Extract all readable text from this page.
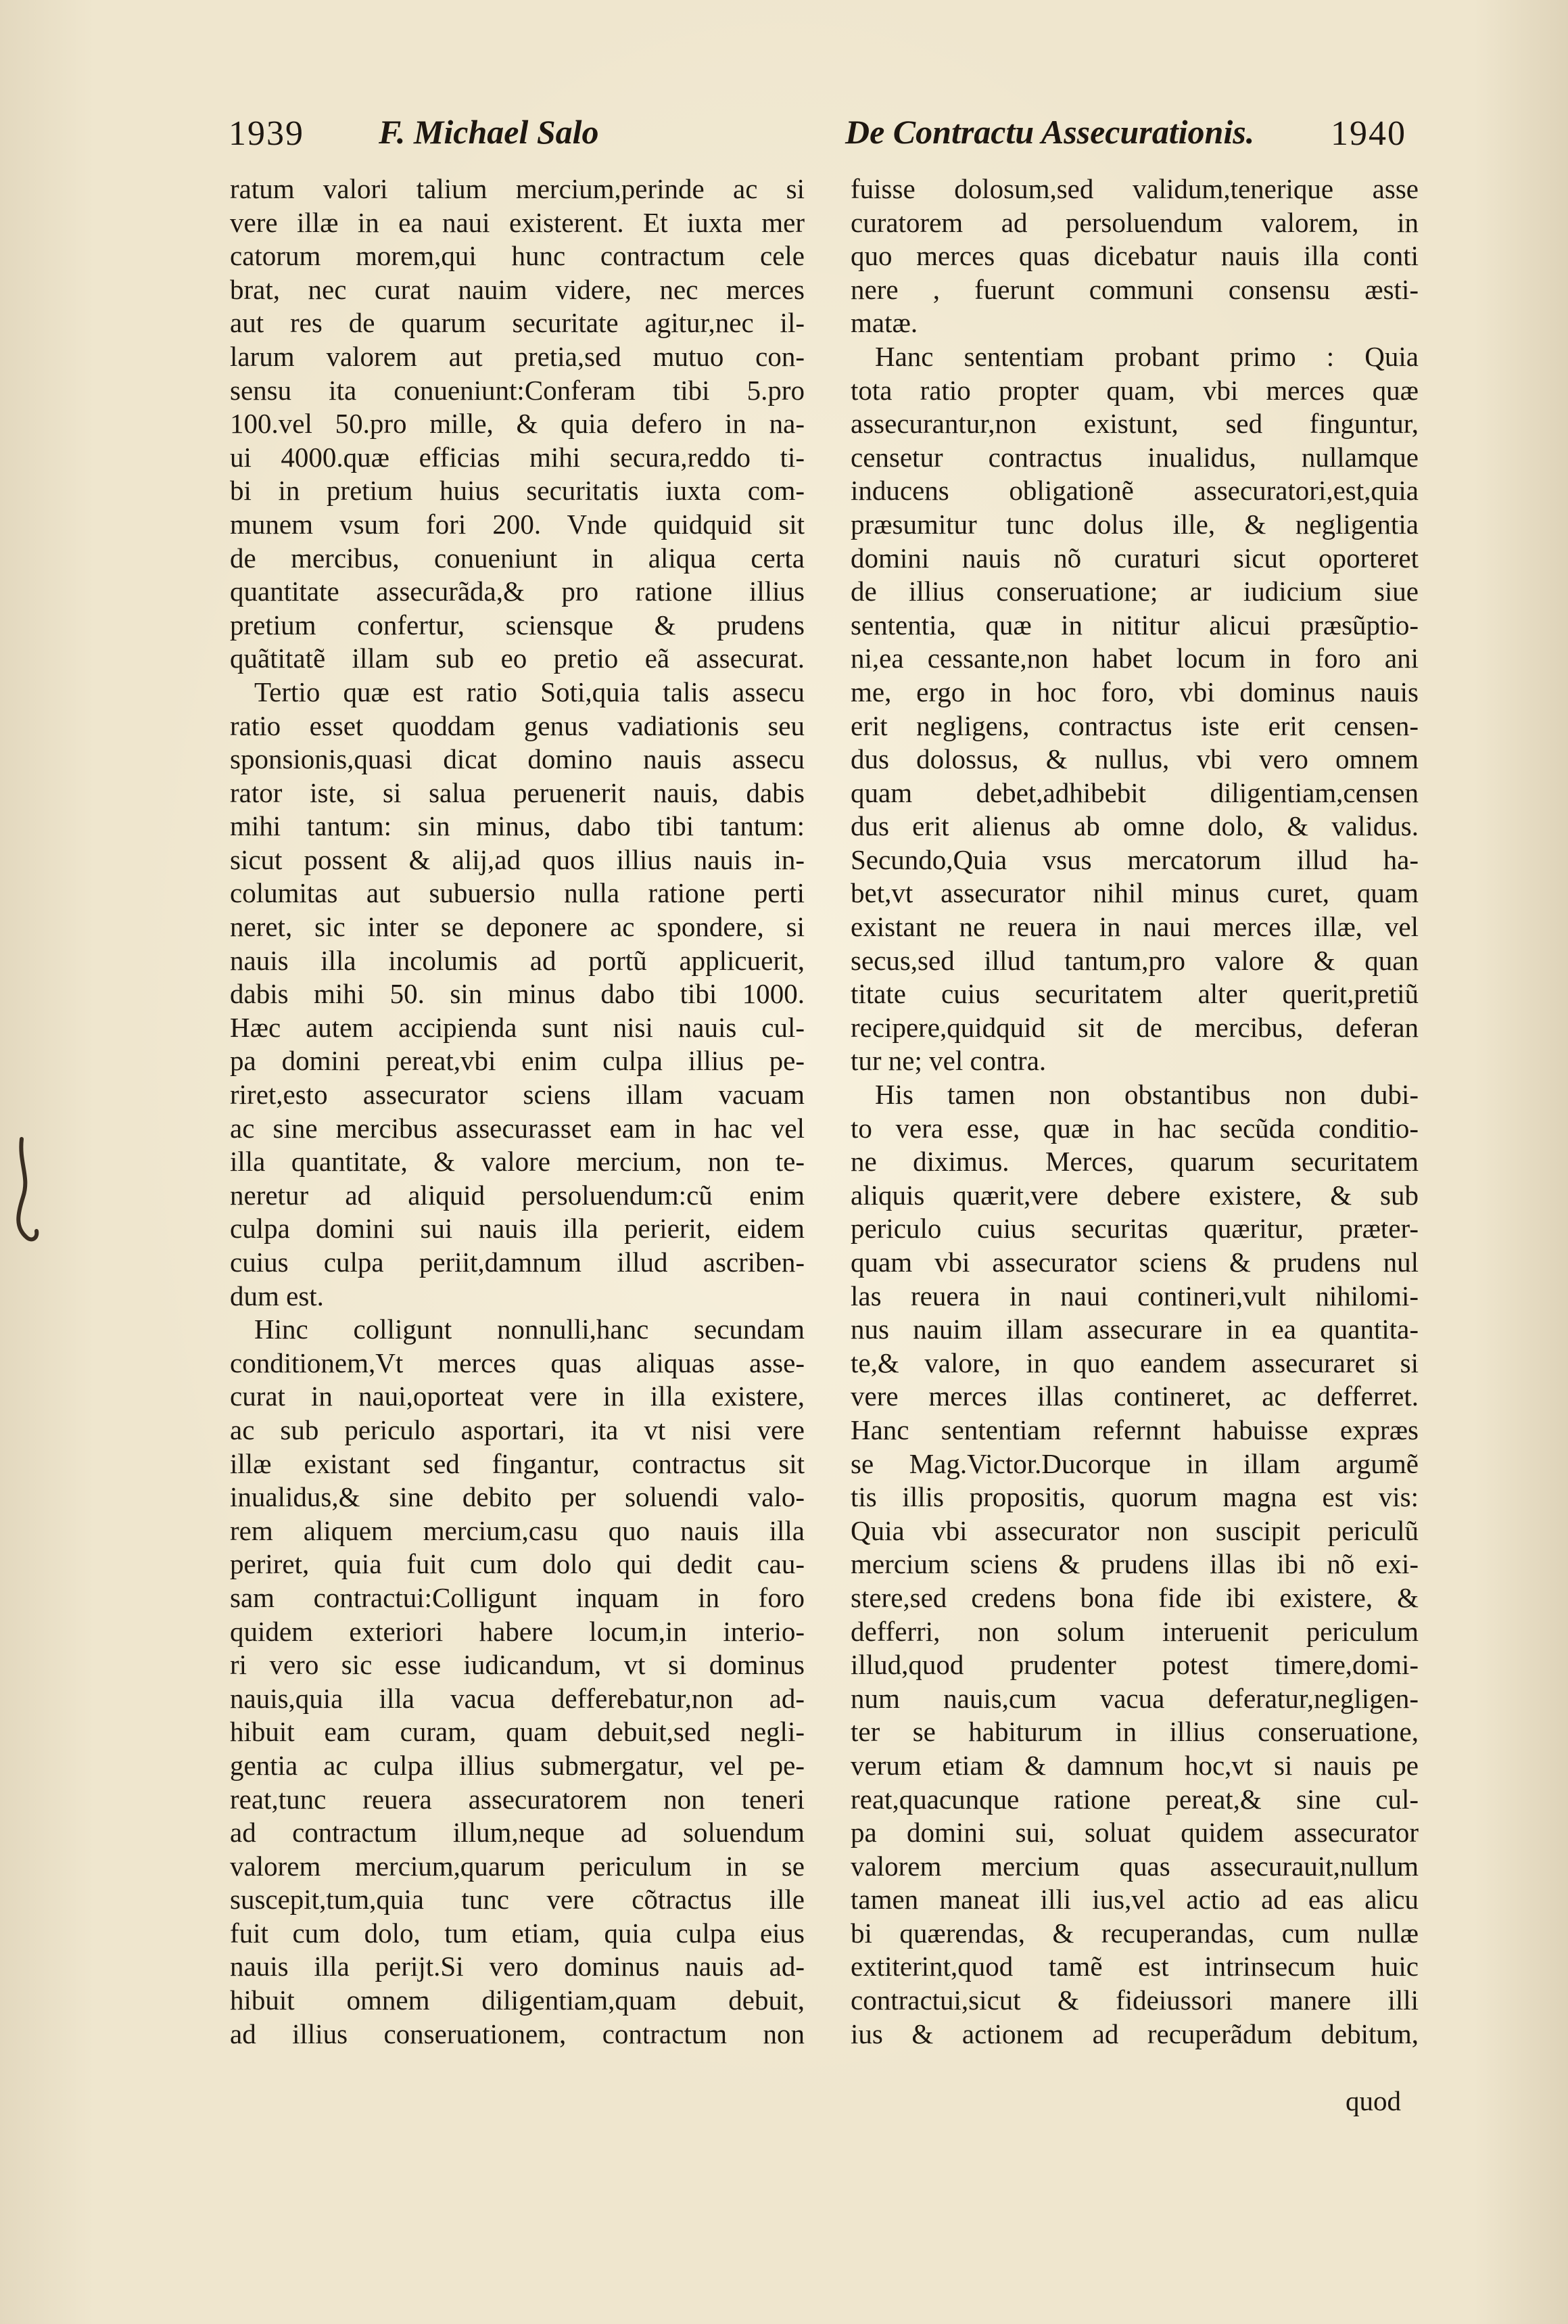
1939 F. Michael Salo	De Contractu Assecurationis. 1940
ratum valori talium mercium,perinde ac si
vere illæ in ea naui existerent. Et iuxta mer
catorum morem,qui hunc contractum cele
brat, nec curat nauim videre, nec merces
aut res de quarum securitate agitur,nec il-
larum valorem aut pretia,sed mutuo con-
sensu ita conueniunt:Conferam tibi 5.pro
100.vel 50.pro mille, & quia defero in na-
ui 4000.quæ efficias mihi secura,reddo ti-
bi in pretium huius securitatis iuxta com-
munem vsum fori 200. Vnde quidquid sit
de mercibus, conueniunt in aliqua certa
quantitate assecurãda,& pro ratione illius
pretium confertur, sciensque & prudens
quãtitatẽ illam sub eo pretio eã assecurat.
Tertio quæ est ratio Soti,quia talis assecu
ratio esset quoddam genus vadiationis seu
sponsionis,quasi dicat domino nauis assecu
rator iste, si salua peruenerit nauis, dabis
mihi tantum: sin minus, dabo tibi tantum:
sicut possent & alij,ad quos illius nauis in-
columitas aut subuersio nulla ratione perti
neret, sic inter se deponere ac spondere, si
nauis illa incolumis ad portũ applicuerit,
dabis mihi 50. sin minus dabo tibi 1000.
Hæc autem accipienda sunt nisi nauis cul-
pa domini pereat,vbi enim culpa illius pe-
riret,esto assecurator sciens illam vacuam
ac sine mercibus assecurasset eam in hac vel
illa quantitate, & valore mercium, non te-
neretur ad aliquid persoluendum:cũ enim
culpa domini sui nauis illa perierit, eidem
cuius culpa periit,damnum illud ascriben-
dum est.
Hinc colligunt nonnulli,hanc secundam
conditionem,Vt merces quas aliquas asse-
curat in naui,oporteat vere in illa existere,
ac sub periculo asportari, ita vt nisi vere
illæ existant sed fingantur, contractus sit
inualidus,& sine debito per soluendi valo-
rem aliquem mercium,casu quo nauis illa
periret, quia fuit cum dolo qui dedit cau-
sam contractui:Colligunt inquam in foro
quidem exteriori habere locum,in interio-
ri vero sic esse iudicandum, vt si dominus
nauis,quia illa vacua defferebatur,non ad-
hibuit eam curam, quam debuit,sed negli-
gentia ac culpa illius submergatur, vel pe-
reat,tunc reuera assecuratorem non teneri
ad contractum illum,neque ad soluendum
valorem mercium,quarum periculum in se
suscepit,tum,quia tunc vere cõtractus ille
fuit cum dolo, tum etiam, quia culpa eius
nauis illa perijt.Si vero dominus nauis ad-
hibuit omnem diligentiam,quam debuit,
ad illius conseruationem, contractum non
fuisse dolosum,sed validum,tenerique asse
curatorem ad persoluendum valorem, in
quo merces quas dicebatur nauis illa conti
nere , fuerunt communi consensu æsti-
matæ.
Hanc sententiam probant primo : Quia
tota ratio propter quam, vbi merces quæ
assecurantur,non existunt, sed finguntur,
censetur contractus inualidus, nullamque
inducens obligationẽ assecuratori,est,quia
præsumitur tunc dolus ille, & negligentia
domini nauis nõ curaturi sicut oporteret
de illius conseruatione; ar iudicium siue
sententia, quæ in nititur alicui præsũptio-
ni,ea cessante,non habet locum in foro ani
me, ergo in hoc foro, vbi dominus nauis
erit negligens, contractus iste erit censen-
dus dolossus, & nullus, vbi vero omnem
quam debet,adhibebit diligentiam,censen
dus erit alienus ab omne dolo, & validus.
Secundo,Quia vsus mercatorum illud ha-
bet,vt assecurator nihil minus curet, quam
existant ne reuera in naui merces illæ, vel
secus,sed illud tantum,pro valore & quan
titate cuius securitatem alter querit,pretiũ
recipere,quidquid sit de mercibus, deferan
tur ne; vel contra.
His tamen non obstantibus non dubi-
to vera esse, quæ in hac secũda conditio-
ne diximus. Merces, quarum securitatem
aliquis quærit,vere debere existere, & sub
periculo cuius securitas quæritur, præter-
quam vbi assecurator sciens & prudens nul
las reuera in naui contineri,vult nihilomi-
nus nauim illam assecurare in ea quantita-
te,& valore, in quo eandem assecuraret si
vere merces illas contineret, ac defferret.
Hanc sententiam refernnt habuisse expræs
se Mag.Victor.Ducorque in illam argumẽ
tis illis propositis, quorum magna est vis:
Quia vbi assecurator non suscipit periculũ
mercium sciens & prudens illas ibi nõ exi-
stere,sed credens bona fide ibi existere, &
defferri, non solum interuenit periculum
illud,quod prudenter potest timere,domi-
num nauis,cum vacua deferatur,negligen-
ter se habiturum in illius conseruatione,
verum etiam & damnum hoc,vt si nauis pe
reat,quacunque ratione pereat,& sine cul-
pa domini sui, soluat quidem assecurator
valorem mercium quas assecurauit,nullum
tamen maneat illi ius,vel actio ad eas alicu
bi quærendas, & recuperandas, cum nullæ
extiterint,quod tamẽ est intrinsecum huic
contractui,sicut & fideiussori manere illi
ius & actionem ad recuperãdum debitum,
quod
